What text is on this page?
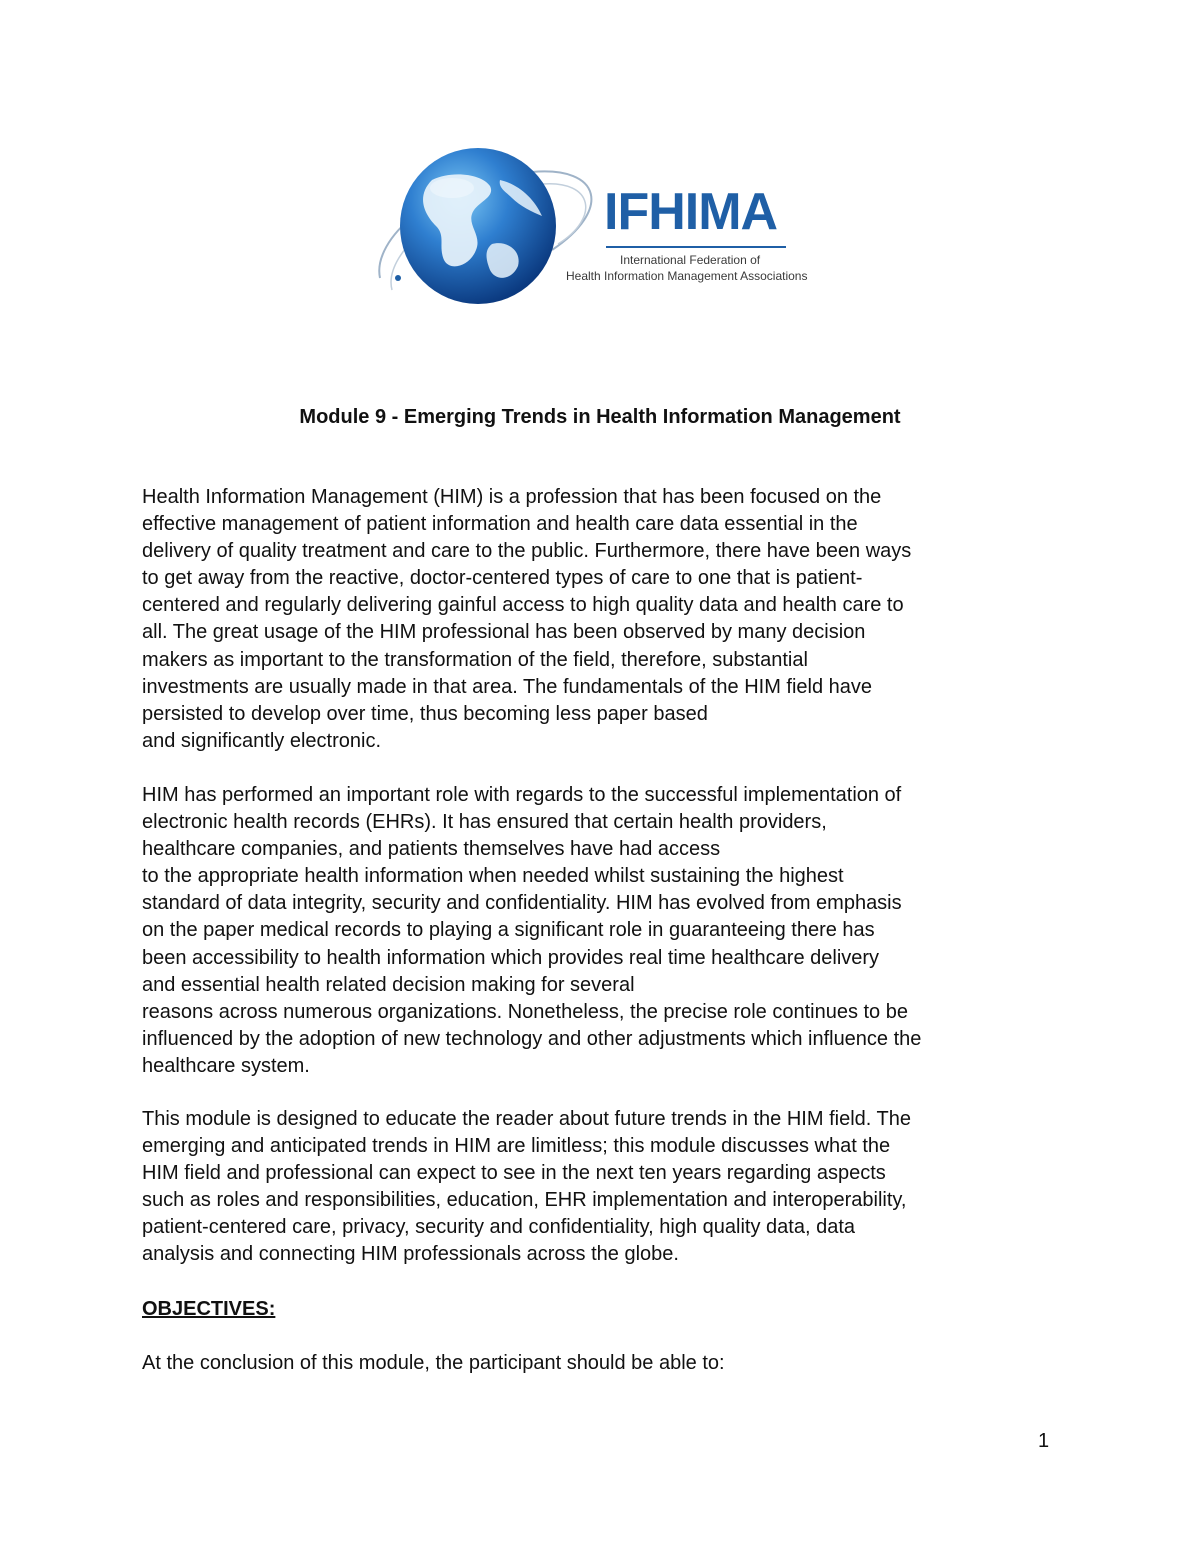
IFHIMA
International Federation of
Health Information Management Associations
Module 9 - Emerging Trends in Health Information Management
Health Information Management (HIM) is a profession that has been focused on the
effective management of patient information and health care data essential in the
delivery of quality treatment and care to the public. Furthermore, there have been ways
to get away from the reactive, doctor-centered types of care to one that is patient-
centered and regularly delivering gainful access to high quality data and health care to
all. The great usage of the HIM professional has been observed by many decision
makers as important to the transformation of the field, therefore, substantial
investments are usually made in that area. The fundamentals of the HIM field have
persisted to develop over time, thus becoming less paper based
and significantly electronic.
HIM has performed an important role with regards to the successful implementation of
electronic health records (EHRs). It has ensured that certain health providers,
healthcare companies, and patients themselves have had access
to the appropriate health information when needed whilst sustaining the highest
standard of data integrity, security and confidentiality. HIM has evolved from emphasis
on the paper medical records to playing a significant role in guaranteeing there has
been accessibility to health information which provides real time healthcare delivery
and essential health related decision making for several
reasons across numerous organizations. Nonetheless, the precise role continues to be
influenced by the adoption of new technology and other adjustments which influence the
healthcare system.
This module is designed to educate the reader about future trends in the HIM field. The
emerging and anticipated trends in HIM are limitless; this module discusses what the
HIM field and professional can expect to see in the next ten years regarding aspects
such as roles and responsibilities, education, EHR implementation and interoperability,
patient-centered care, privacy, security and confidentiality, high quality data, data
analysis and connecting HIM professionals across the globe.
OBJECTIVES:
At the conclusion of this module, the participant should be able to:
1
